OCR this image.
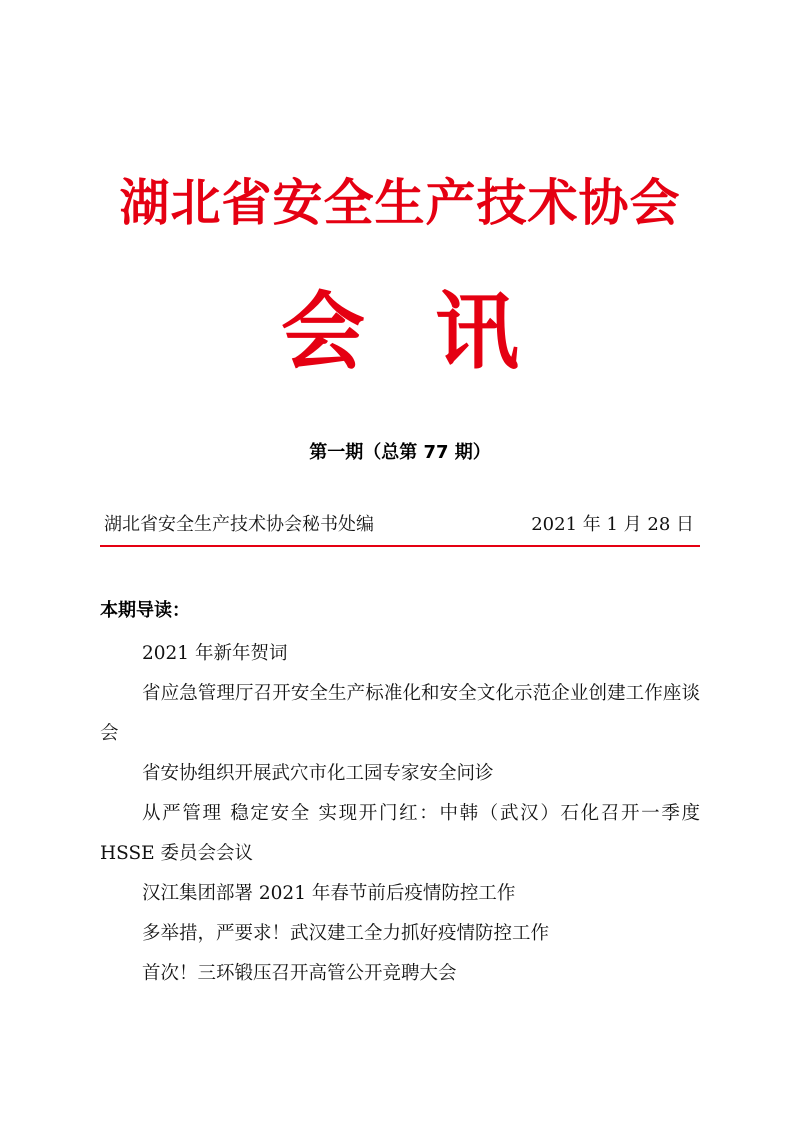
湖北省安全生产技术协会
会讯
第一期（总第 77 期）
湖北省安全生产技术协会秘书处编	2021 年 1 月 28 日
本期导读：
2021 年新年贺词
省应急管理厅召开安全生产标准化和安全文化示范企业创建工作座谈会
省安协组织开展武穴市化工园专家安全问诊
从严管理 稳定安全 实现开门红：中韩（武汉）石化召开一季度 HSSE 委员会会议
汉江集团部署 2021 年春节前后疫情防控工作
多举措，严要求！武汉建工全力抓好疫情防控工作
首次！三环锻压召开高管公开竞聘大会
